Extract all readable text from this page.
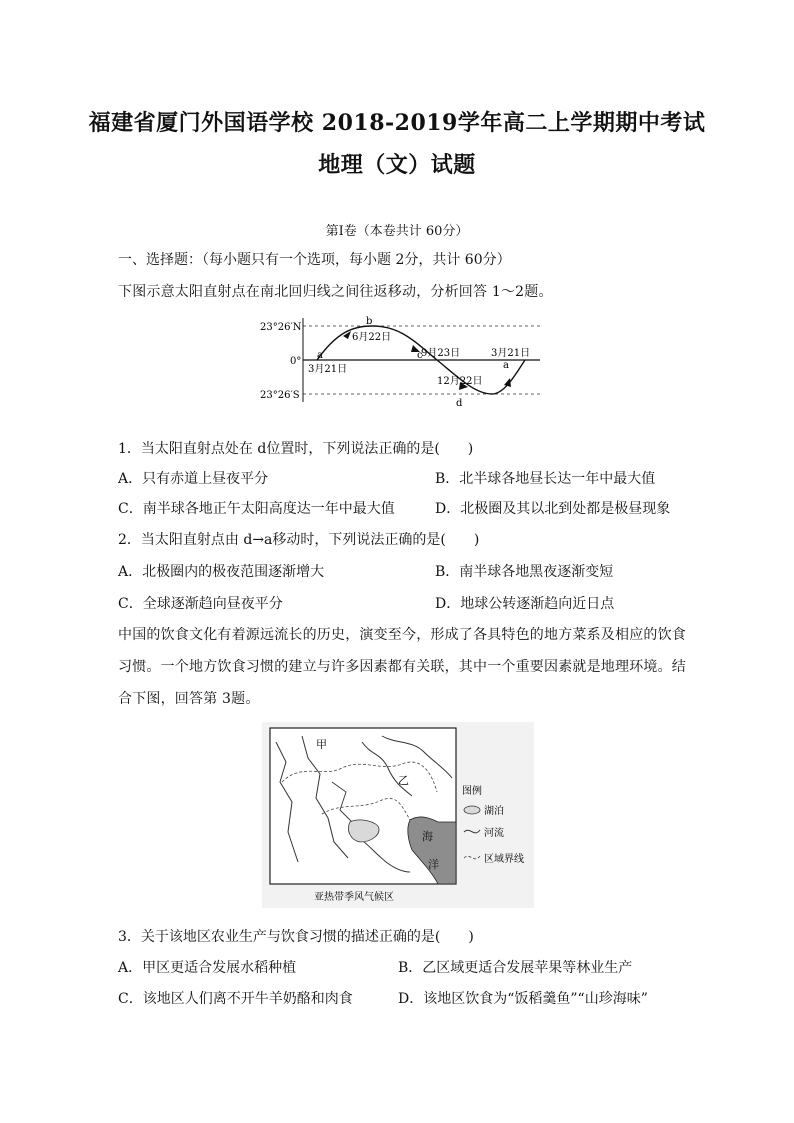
福建省厦门外国语学校 2018-2019学年高二上学期期中考试
地理（文）试题
第Ⅰ卷（本卷共计 60分）
一、选择题：（每小题只有一个选项，每小题 2分，共计 60分）
下图示意太阳直射点在南北回归线之间往返移动，分析回答 1～2题。
23°26′N
0°
23°26′S
a
b
c
d
a
6月22日
9月23日
12月22日
3月21日
3月21日
1．当太阳直射点处在 d位置时，下列说法正确的是(　　)
A．只有赤道上昼夜平分	B．北半球各地昼长达一年中最大值
C．南半球各地正午太阳高度达一年中最大值	D．北极圈及其以北到处都是极昼现象
2．当太阳直射点由 d→a移动时，下列说法正确的是(　　)
A．北极圈内的极夜范围逐渐增大	B．南半球各地黑夜逐渐变短
C．全球逐渐趋向昼夜平分	D．地球公转逐渐趋向近日点
中国的饮食文化有着源远流长的历史，演变至今，形成了各具特色的地方菜系及相应的饮食
习惯。一个地方饮食习惯的建立与许多因素都有关联，其中一个重要因素就是地理环境。结
合下图，回答第 3题。
甲
乙
海
洋
图例
湖泊
河流
区域界线
亚热带季风气候区
3．关于该地区农业生产与饮食习惯的描述正确的是(　　)
A．甲区更适合发展水稻种植	B．乙区域更适合发展苹果等林业生产
C．该地区人们离不开牛羊奶酪和肉食	D．该地区饮食为“饭稻羹鱼”“山珍海味”
